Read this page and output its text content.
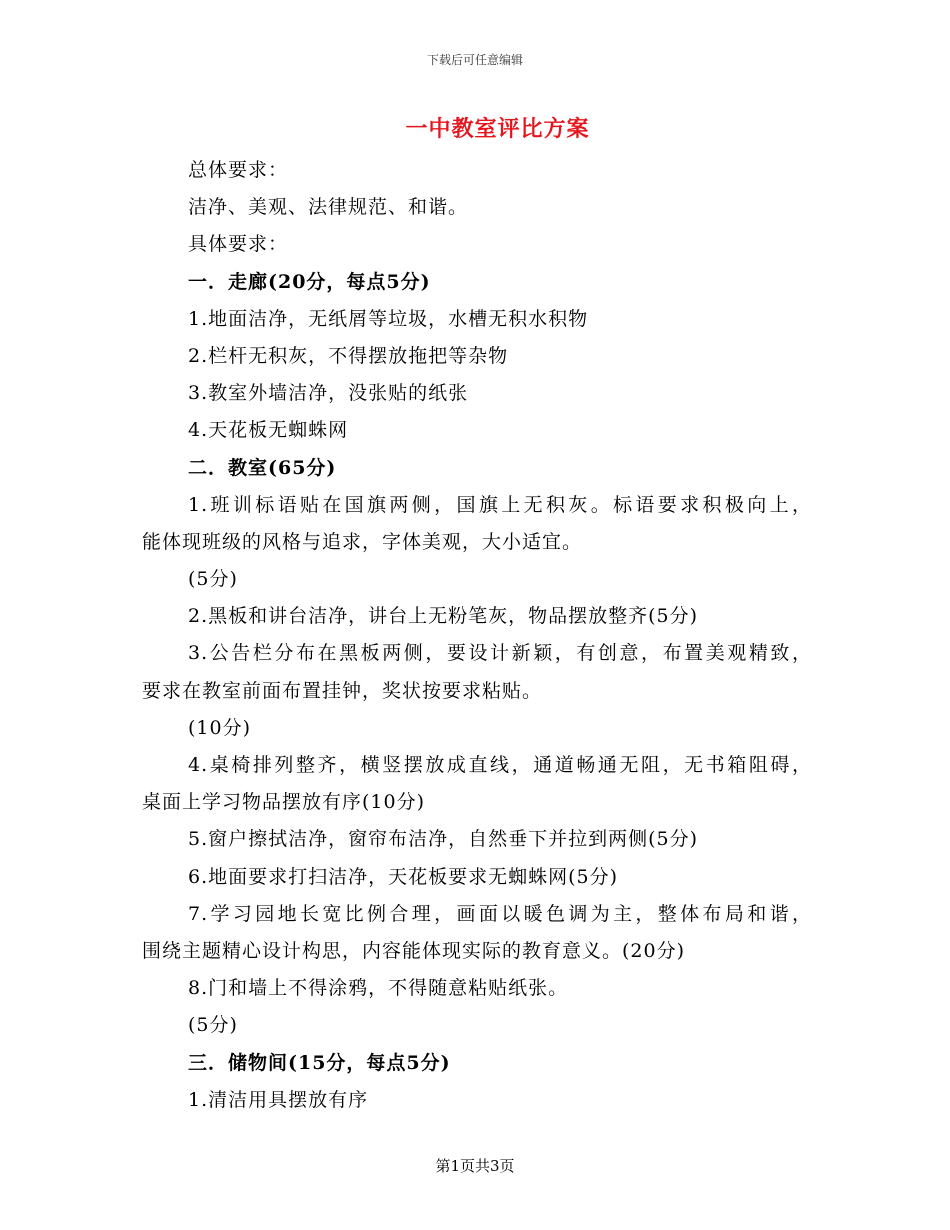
下载后可任意编辑
一中教室评比方案
总体要求：
洁净、美观、法律规范、和谐。
具体要求：
一．走廊(20分，每点5分)
1.地面洁净，无纸屑等垃圾，水槽无积水积物
2.栏杆无积灰，不得摆放拖把等杂物
3.教室外墙洁净，没张贴的纸张
4.天花板无蜘蛛网
二．教室(65分)
1.班训标语贴在国旗两侧，国旗上无积灰。标语要求积极向上，
能体现班级的风格与追求，字体美观，大小适宜。
(5分)
2.黑板和讲台洁净，讲台上无粉笔灰，物品摆放整齐(5分)
3.公告栏分布在黑板两侧，要设计新颖，有创意，布置美观精致，
要求在教室前面布置挂钟，奖状按要求粘贴。
(10分)
4.桌椅排列整齐，横竖摆放成直线，通道畅通无阻，无书箱阻碍，
桌面上学习物品摆放有序(10分)
5.窗户擦拭洁净，窗帘布洁净，自然垂下并拉到两侧(5分)
6.地面要求打扫洁净，天花板要求无蜘蛛网(5分)
7.学习园地长宽比例合理，画面以暖色调为主，整体布局和谐，
围绕主题精心设计构思，内容能体现实际的教育意义。(20分)
8.门和墙上不得涂鸦，不得随意粘贴纸张。
(5分)
三．储物间(15分，每点5分)
1.清洁用具摆放有序
第1页共3页
